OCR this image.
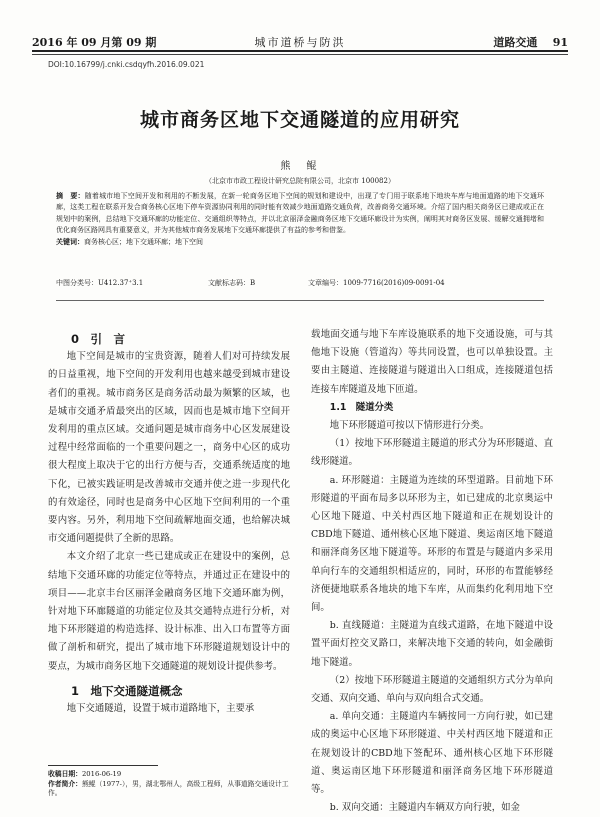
2016 年 09 月第 09 期	城市道桥与防洪	道路交通 91
DOI:10.16799/j.cnki.csdqyfh.2016.09.021
城市商务区地下交通隧道的应用研究
熊　鲲
（北京市市政工程设计研究总院有限公司，北京市 100082）
摘　要：随着城市地下空间开发和利用的不断发展，在新一轮商务区地下空间的规划和建设中，出现了专门用于联系地下地块车库与地面道路的地下交通环廊，这类工程在联系开发合商务核心区地下停车资源协同利用的同时能有效减少地面道路交通负荷，改善商务交通环境。介绍了国内相关商务区已建成或正在规划中的案例，总结地下交通环廊的功能定位、交通组织等特点，并以北京丽泽金融商务区地下交通环廊设计为实例，阐明其对商务区发展、缓解交通拥堵和优化商务区路网具有重要意义，并为其他城市商务发展地下交通环廊提供了有益的参考和借鉴。
关键词：商务核心区；地下交通环廊；地下空间
中图分类号：U412.37⁺3.1	文献标志码：B	文章编号：1009-7716(2016)09-0091-04

0　引　言

地下空间是城市的宝贵资源，随着人们对可持续发展的日益重视，地下空间的开发利用也越来越受到城市建设者们的重视。城市商务区是商务活动最为频繁的区域，也是城市交通矛盾最突出的区域，因而也是城市地下空间开发利用的重点区域。交通问题是城市商务中心区发展建设过程中经常面临的一个重要问题之一，商务中心区的成功很大程度上取决于它的出行方便与否，交通系统适度的地下化，已被实践证明是改善城市交通并使之进一步现代化的有效途径，同时也是商务中心区地下空间利用的一个重要内容。另外，利用地下空间疏解地面交通，也给解决城市交通问题提供了全新的思路。

本文介绍了北京一些已建成或正在建设中的案例，总结地下交通环廊的功能定位等特点，并通过正在建设中的项目——北京丰台区丽泽金融商务区地下交通环廊为例，针对地下环廊隧道的功能定位及其交通特点进行分析，对地下环形隧道的构造选择、设计标准、出入口布置等方面做了剖析和研究，提出了城市地下环形隧道规划设计中的要点，为城市商务区地下交通隧道的规划设计提供参考。

1　地下交通隧道概念

地下交通隧道，设置于城市道路地下，主要承

载地面交通与地下车库设施联系的地下交通设施，可与其他地下设施（管道沟）等共同设置，也可以单独设置。主要由主隧道、连接隧道与隧道出入口组成，连接隧道包括连接车库隧道及地下匝道。

1.1　隧道分类

地下环形隧道可按以下情形进行分类。

（1）按地下环形隧道主隧道的形式分为环形隧道、直线形隧道。

a. 环形隧道：主隧道为连续的环型道路。目前地下环形隧道的平面布局多以环形为主，如已建成的北京奥运中心区地下隧道、中关村西区地下隧道和正在规划设计的CBD地下隧道、通州核心区地下隧道、奥运南区地下隧道和丽泽商务区地下隧道等。环形的布置是与隧道内多采用单向行车的交通组织相适应的，同时，环形的布置能够经济便捷地联系各地块的地下车库，从而集约化利用地下空间。

b. 直线隧道：主隧道为直线式道路，在地下隧道中设置平面灯控交叉路口，来解决地下交通的转向，如金融街地下隧道。

（2）按地下环形隧道主隧道的交通组织方式分为单向交通、双向交通、单向与双向组合式交通。

a. 单向交通：主隧道内车辆按同一方向行驶，如已建成的奥运中心区地下环形隧道、中关村西区地下隧道和正在规划设计的CBD地下签配环、通州核心区地下环形隧道、奥运南区地下环形隧道和丽泽商务区地下环形隧道等。

b. 双向交通：主隧道内车辆双方向行驶，如金

收稿日期：2016-06-19
作者简介：熊鲲（1977-），男，湖北鄂州人，高级工程师，从事道路交通设计工作。
